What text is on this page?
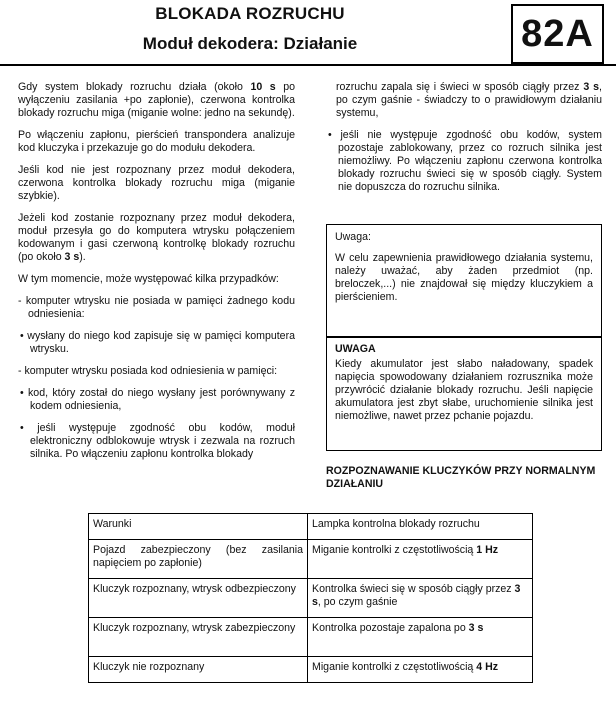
BLOKADA ROZRUCHU
Moduł dekodera: Działanie	82A

Gdy system blokady rozruchu działa (około 10 s po wyłączeniu zasilania +po zapłonie), czerwona kontrolka blokady rozruchu miga (miganie wolne: jedno na sekundę).

Po włączeniu zapłonu, pierścień transpondera analizuje kod kluczyka i przekazuje go do modułu dekodera.

Jeśli kod nie jest rozpoznany przez moduł dekodera, czerwona kontrolka blokady rozruchu miga (miganie szybkie).

Jeżeli kod zostanie rozpoznany przez moduł dekodera, moduł przesyła go do komputera wtrysku połączeniem kodowanym i gasi czerwoną kontrolkę blokady rozruchu (po około 3 s).

W tym momencie, może występować kilka przypadków:

- komputer wtrysku nie posiada w pamięci żadnego kodu odniesienia:

• wysłany do niego kod zapisuje się w pamięci komputera wtrysku.

- komputer wtrysku posiada kod odniesienia w pamięci:

• kod, który został do niego wysłany jest porównywany z kodem odniesienia,

• jeśli występuje zgodność obu kodów, moduł elektroniczny odblokowuje wtrysk i zezwala na rozruch silnika. Po włączeniu zapłonu kontrolka blokady

rozruchu zapala się i świeci w sposób ciągły przez 3 s, po czym gaśnie - świadczy to o prawidłowym działaniu systemu,

• jeśli nie występuje zgodność obu kodów, system pozostaje zablokowany, przez co rozruch silnika jest niemożliwy. Po włączeniu zapłonu czerwona kontrolka blokady rozruchu świeci się w sposób ciągły. System nie dopuszcza do rozruchu silnika.

Uwaga:
W celu zapewnienia prawidłowego działania systemu, należy uważać, aby żaden przedmiot (np. breloczek,...) nie znajdował się między kluczykiem a pierścieniem.
UWAGA
Kiedy akumulator jest słabo naładowany, spadek napięcia spowodowany działaniem rozrusznika może przywrócić działanie blokady rozruchu. Jeśli napięcie akumulatora jest zbyt słabe, uruchomienie silnika jest niemożliwe, nawet przez pchanie pojazdu.
ROZPOZNAWANIE KLUCZYKÓW PRZY NORMALNYM DZIAŁANIU
Warunki	Lampka kontrolna blokady rozruchu
Pojazd zabezpieczony (bez zasilania napięciem po zapłonie)	Miganie kontrolki z częstotliwością 1 Hz
Kluczyk rozpoznany, wtrysk odbezpieczony	Kontrolka świeci się w sposób ciągły przez 3 s, po czym gaśnie
Kluczyk rozpoznany, wtrysk zabezpieczony	Kontrolka pozostaje zapalona po 3 s
Kluczyk nie rozpoznany	Miganie kontrolki z częstotliwością 4 Hz
